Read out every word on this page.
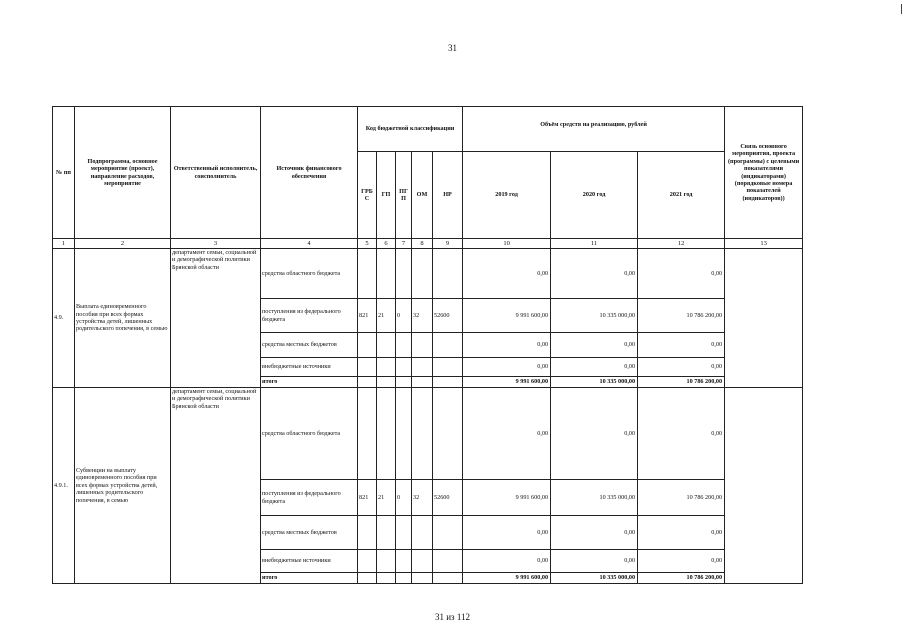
31
№ пп	Подпрограмма, основное мероприятие (проект), направление расходов, мероприятие	Ответственный исполнитель, соисполнитель	Источник финансового обеспечения	Код бюджетной классификации					Объём средств на реализацию, рублей			Связь основного мероприятия, проекта (программы) с целевыми показателями (индикаторами) (порядковые номера показателей (индикаторов))
				ГРБ С	ГП	ПГ П	ОМ	НР	2019 год	2020 год	2021 год	
1	2	3	4	5	6	7	8	9	10	11	12	13
4.9.	Выплата единовременного пособия при всех формах устройства детей, лишенных родительского попечения, в семью	департамент семьи, социальной и демографической политики Брянской области	средства областного бюджета						0,00	0,00	0,00	
			поступления из федерального бюджета	821	21	0	32	52600	9 991 600,00	10 335 000,00	10 786 200,00	
			средства местных бюджетов						0,00	0,00	0,00	
			внебюджетные источники						0,00	0,00	0,00	
			итого						9 991 600,00	10 335 000,00	10 786 200,00	
4.9.1.	Субвенции на выплату единовременного пособия при всех формах устройства детей, лишенных родительского попечения, в семью	департамент семьи, социальной и демографической политики Брянской области	средства областного бюджета						0,00	0,00	0,00	
			поступления из федерального бюджета	821	21	0	32	52600	9 991 600,00	10 335 000,00	10 786 200,00	
			средства местных бюджетов						0,00	0,00	0,00	
			внебюджетные источники						0,00	0,00	0,00	
			итого						9 991 600,00	10 335 000,00	10 786 200,00	
31 из 112
